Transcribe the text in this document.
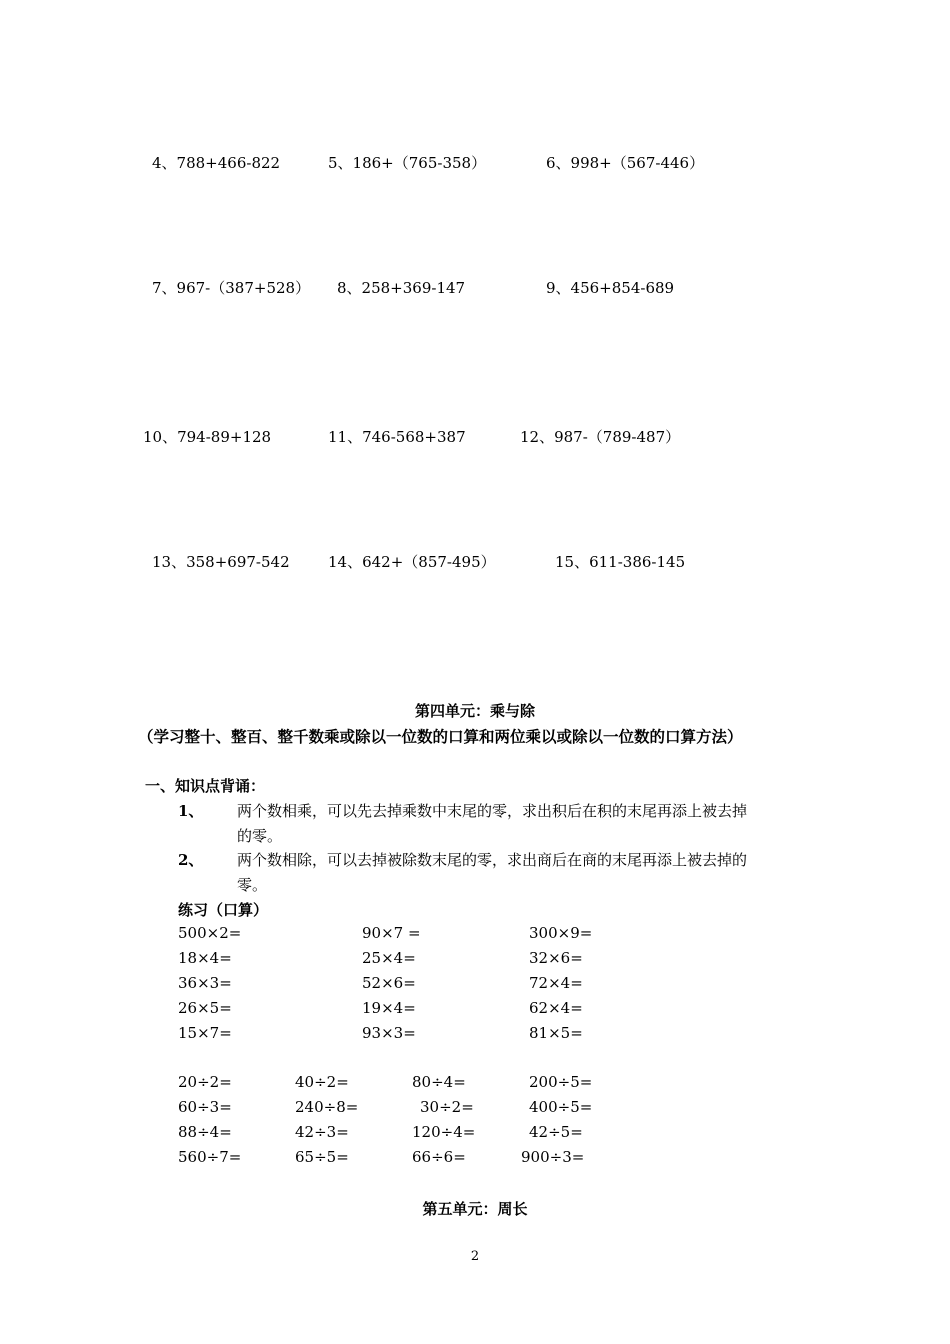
4、788+466-822	5、186+（765-358）	6、998+（567-446）
7、967-（387+528） 8、258+369-147	9、456+854-689
10、794-89+128	11、746-568+387	12、987-（789-487）
13、358+697-542	14、642+（857-495）	15、611-386-145
第四单元：乘与除
（学习整十、整百、整千数乘或除以一位数的口算和两位乘以或除以一位数的口算方法）
一、知识点背诵：
1、 两个数相乘，可以先去掉乘数中末尾的零，求出积后在积的末尾再添上被去掉
的零。
2、 两个数相除，可以去掉被除数末尾的零，求出商后在商的末尾再添上被去掉的
零。
练习（口算）
500×2=	90×7 =	300×9=
18×4=	25×4=	32×6=
36×3=	52×6=	72×4=
26×5=	19×4=	62×4=
15×7=	93×3=	81×5=
20÷2=	40÷2=	80÷4=	200÷5=
60÷3=	240÷8=	30÷2=	400÷5=
88÷4=	42÷3=	120÷4=	42÷5=
560÷7=	65÷5=	66÷6=	900÷3=
第五单元：周长
2
